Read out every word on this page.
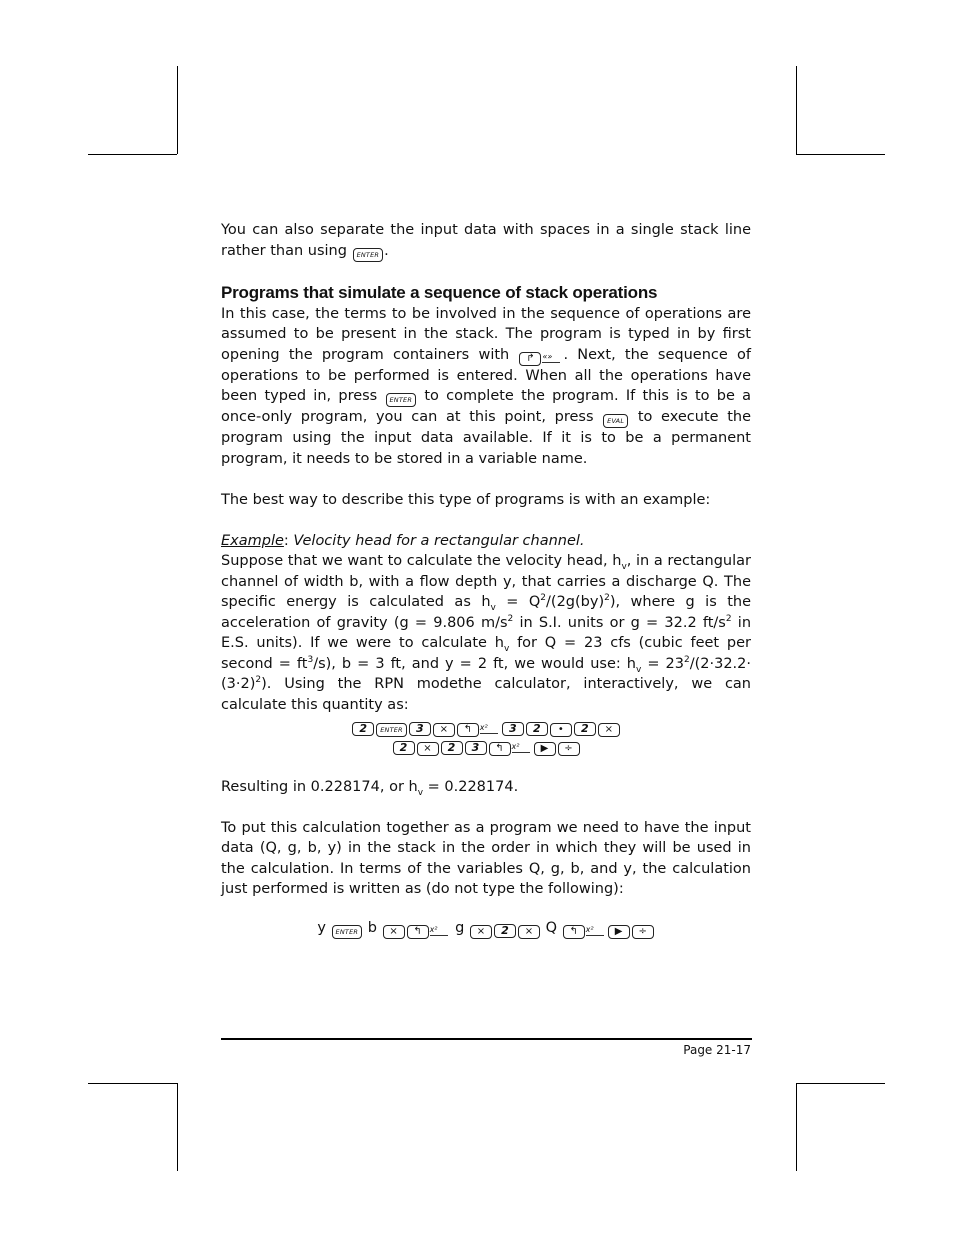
You can also separate the input data with spaces in a single stack line rather than using ENTER .

Programs that simulate a sequence of stack operations

In this case, the terms to be involved in the sequence of operations are assumed to be present in the stack. The program is typed in by first opening the program containers with ↱ «» . Next, the sequence of operations to be performed is entered. When all the operations have been typed in, press ENTER to complete the program. If this is to be a once-only program, you can at this point, press EVAL to execute the program using the input data available. If it is to be a permanent program, it needs to be stored in a variable name.

The best way to describe this type of programs is with an example:

Example: Velocity head for a rectangular channel.

Suppose that we want to calculate the velocity head, $h_v$, in a rectangular channel of width b, with a flow depth y, that carries a discharge Q. The specific energy is calculated as $h_v = Q^2/(2g(by)^2)$, where g is the acceleration of gravity (g = 9.806 $m/s^2$ in S.I. units or g = 32.2 $ft/s^2$ in E.S. units). If we were to calculate $h_v$ for Q = 23 cfs (cubic feet per second = $ft^3/s$), b = 3 ft, and y = 2 ft, we would use: $h_v = 23^2/(2\cdot 32.2\cdot (3\cdot 2)^2)$. Using the RPN modethe calculator, interactively, we can calculate this quantity as:

2 ENTER 3 × ↰ x² 3 2 • 2 ×
2 × 2 3 ↰ x² ▶ ÷

Resulting in 0.228174, or $h_v = 0.228174$.

To put this calculation together as a program we need to have the input data (Q, g, b, y) in the stack in the order in which they will be used in the calculation. In terms of the variables Q, g, b, and y, the calculation just performed is written as (do not type the following):

y ENTER b × ↰ x² g × 2 × Q ↰ x² ▶ ÷
Page 21-17
